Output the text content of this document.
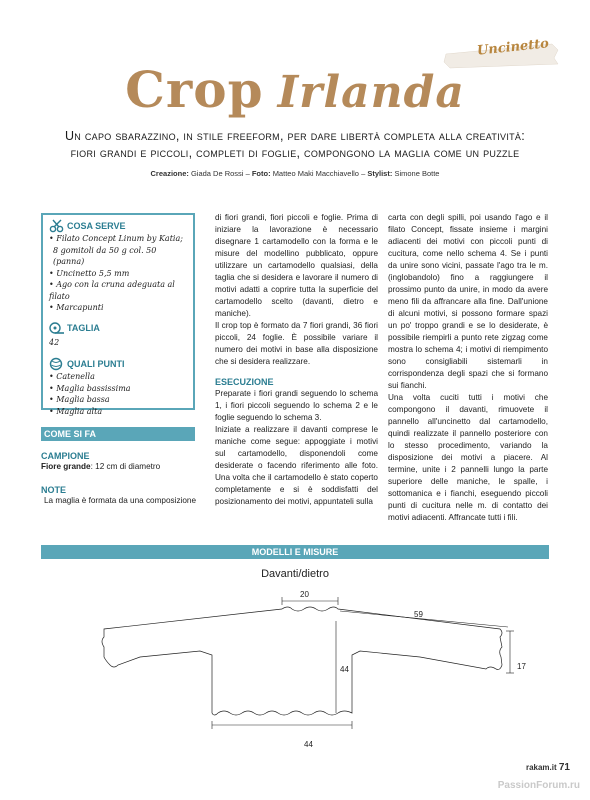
Uncinetto
Crop Irlanda
Un capo sbarazzino, in stile freeform, per dare libertà completa alla creatività:
fiori grandi e piccoli, completi di foglie, compongono la maglia come un puzzle
Creazione: Giada De Rossi – Foto: Matteo Maki Macchiavello – Stylist: Simone Botte
COSA SERVE
• Filato Concept Linum by Katia;
8 gomitoli da 50 g col. 50 (panna)
• Uncinetto 5,5 mm
• Ago con la cruna adeguata al filato
• Marcapunti
TAGLIA
42
QUALI PUNTI
• Catenella
• Maglia bassissima
• Maglia bassa
• Maglia alta
COME SI FA
CAMPIONE
Fiore grande: 12 cm di diametro
NOTE
La maglia è formata da una composizione
di fiori grandi, fiori piccoli e foglie. Prima di iniziare la lavorazione è necessario disegnare 1 cartamodello con la forma e le misure del modellino pubblicato, oppure utilizzare un cartamodello qualsiasi, della taglia che si desidera e lavorare il numero di motivi adatti a coprire tutta la superficie del cartamodello scelto (davanti, dietro e maniche).
Il crop top è formato da 7 fiori grandi, 36 fiori piccoli, 24 foglie. È possibile variare il numero dei motivi in base alla disposizione che si desidera realizzare.
ESECUZIONE
Preparate i fiori grandi seguendo lo schema 1, i fiori piccoli seguendo lo schema 2 e le foglie seguendo lo schema 3.
Iniziate a realizzare il davanti comprese le maniche come segue: appoggiate i motivi sul cartamodello, disponendoli come desiderate o facendo riferimento alle foto. Una volta che il cartamodello è stato coperto completamente e si è soddisfatti del posizionamento dei motivi, appuntateli sulla
carta con degli spilli, poi usando l'ago e il filato Concept, fissate insieme i margini adiacenti dei motivi con piccoli punti di cucitura, come nello schema 4. Se i punti da unire sono vicini, passate l'ago tra le m. (inglobandolo) fino a raggiungere il prossimo punto da unire, in modo da avere meno fili da affrancare alla fine. Dall'unione di alcuni motivi, si possono formare spazi un po' troppo grandi e se lo desiderate, è possibile riempirli a punto rete zigzag come mostra lo schema 4; i motivi di riempimento sono consigliabili sistemarli in corrispondenza degli spazi che si formano sui fianchi.
Una volta cuciti tutti i motivi che compongono il davanti, rimuovete il pannello all'uncinetto dal cartamodello, quindi realizzate il pannello posteriore con lo stesso procedimento, variando la disposizione dei motivi a piacere. Al termine, unite i 2 pannelli lungo la parte superiore delle maniche, le spalle, i sottomanica e i fianchi, eseguendo piccoli punti di cucitura nelle m. di contatto dei motivi adiacenti. Affrancate tutti i fili.
MODELLI E MISURE
Davanti/dietro
20
59
44	17
44
rakam.it 71
PassionForum.ru
